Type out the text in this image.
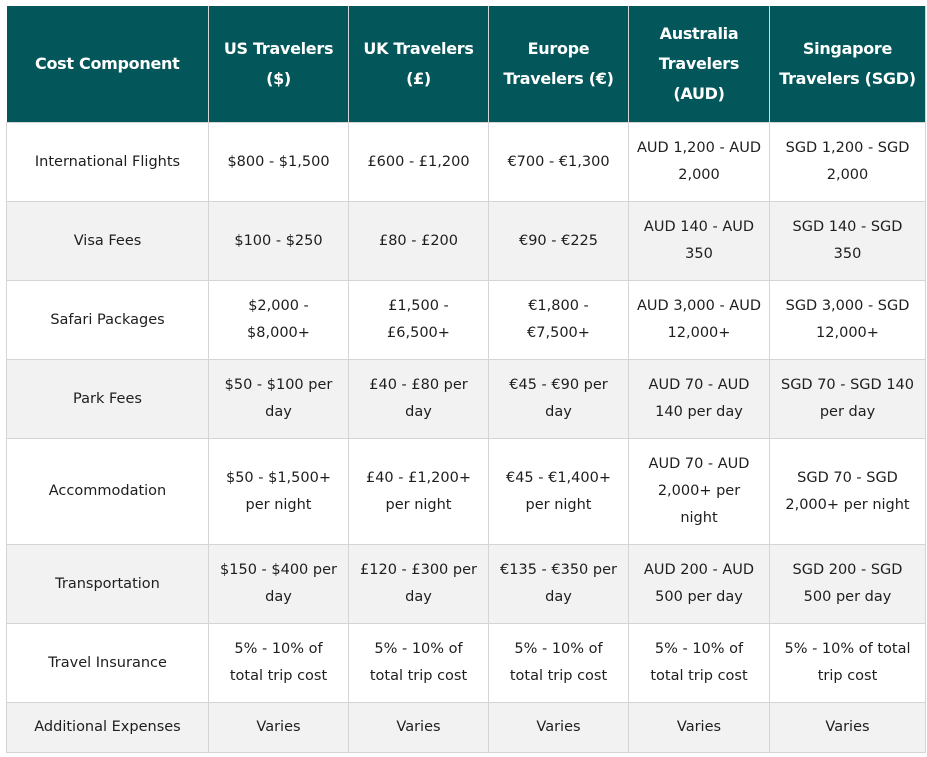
Cost Component	US Travelers ($)	UK Travelers (£)	Europe Travelers (€)	Australia Travelers (AUD)	Singapore Travelers (SGD)
International Flights	$800 - $1,500	£600 - £1,200	€700 - €1,300	AUD 1,200 - AUD 2,000	SGD 1,200 - SGD 2,000
Visa Fees	$100 - $250	£80 - £200	€90 - €225	AUD 140 - AUD 350	SGD 140 - SGD 350
Safari Packages	$2,000 - $8,000+	£1,500 - £6,500+	€1,800 - €7,500+	AUD 3,000 - AUD 12,000+	SGD 3,000 - SGD 12,000+
Park Fees	$50 - $100 per day	£40 - £80 per day	€45 - €90 per day	AUD 70 - AUD 140 per day	SGD 70 - SGD 140 per day
Accommodation	$50 - $1,500+ per night	£40 - £1,200+ per night	€45 - €1,400+ per night	AUD 70 - AUD 2,000+ per night	SGD 70 - SGD 2,000+ per night
Transportation	$150 - $400 per day	£120 - £300 per day	€135 - €350 per day	AUD 200 - AUD 500 per day	SGD 200 - SGD 500 per day
Travel Insurance	5% - 10% of total trip cost	5% - 10% of total trip cost	5% - 10% of total trip cost	5% - 10% of total trip cost	5% - 10% of total trip cost
Additional Expenses	Varies	Varies	Varies	Varies	Varies
